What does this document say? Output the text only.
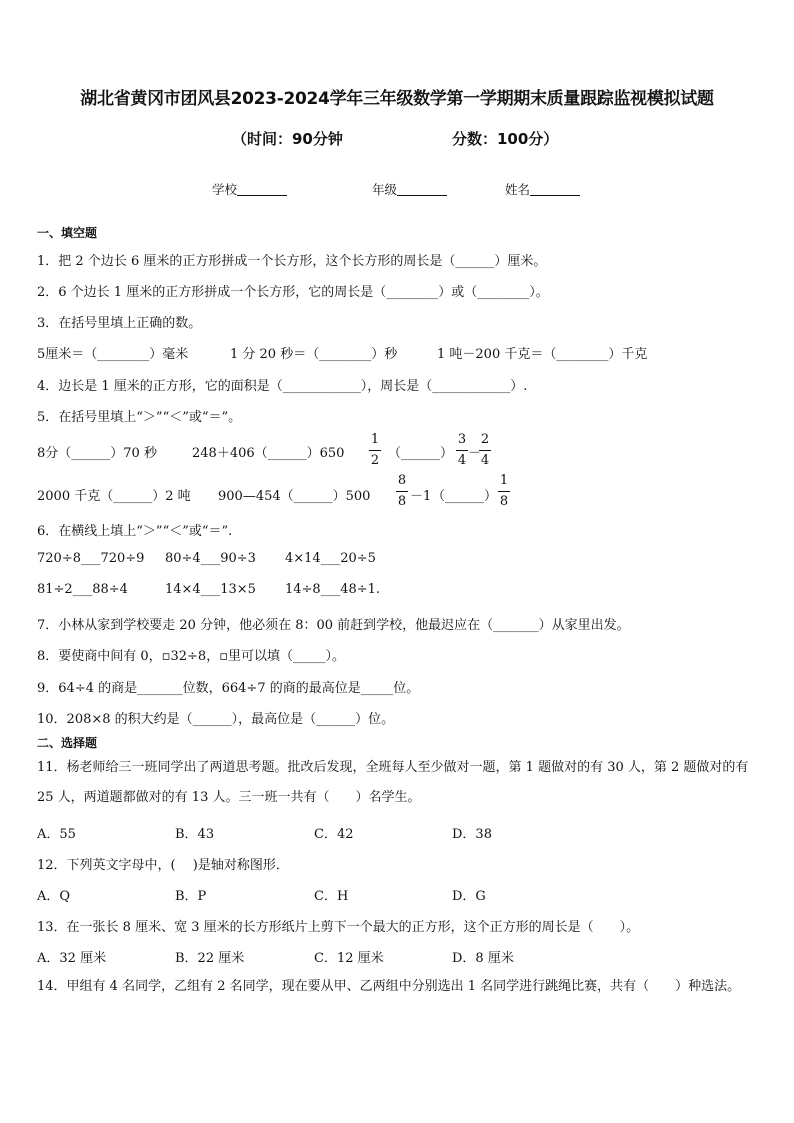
湖北省黄冈市团风县2023-2024学年三年级数学第一学期期末质量跟踪监视模拟试题
（时间：90分钟	分数：100分）
学校	年级	姓名
一、填空题
1．把 2 个边长 6 厘米的正方形拼成一个长方形，这个长方形的周长是（______）厘米。
2．6 个边长 1 厘米的正方形拼成一个长方形，它的周长是（________）或（________）。
3．在括号里填上正确的数。
5厘米＝（________）毫米	1 分 20 秒＝（________）秒	1 吨－200 千克＝（________）千克
4．边长是 1 厘米的正方形，它的面积是（____________），周长是（____________）.
5．在括号里填上“＞”“＜”或“＝”。
8分（______）70 秒	248＋406（______）650
1
2 （______）
3
4 －
2
4
2000 千克（______）2 吨 900—454（______）500
8
8 －1 （______）
1
8
6．在横线上填上“＞”“＜”或“＝”.
720÷8___720÷9 80÷4___90÷3 4×14___20÷5
81÷2___88÷4	14×4___13×5 14÷8___48÷1.
7．小林从家到学校要走 20 分钟，他必须在 8：00 前赶到学校，他最迟应在（_______）从家里出发。
8．要使商中间有 0，▫32÷8，▫里可以填（_____）。
9．64÷4 的商是_______位数，664÷7 的商的最高位是_____位。
10．208×8 的积大约是（______），最高位是（______）位。
二、选择题
11．杨老师给三一班同学出了两道思考题。批改后发现，全班每人至少做对一题，第 1 题做对的有 30 人，第 2 题做对的有 25 人，两道题都做对的有 13 人。三一班一共有（　　）名学生。
A．55	B．43	C．42	D．38
12．下列英文字母中，(　 )是轴对称图形．
A．Q	B．P	C．H	D．G
13．在一张长 8 厘米、宽 3 厘米的长方形纸片上剪下一个最大的正方形，这个正方形的周长是（　　）。
A．32 厘米	B．22 厘米	C．12 厘米	D．8 厘米
14．甲组有 4 名同学，乙组有 2 名同学，现在要从甲、乙两组中分别选出 1 名同学进行跳绳比赛，共有（　　）种选法。
